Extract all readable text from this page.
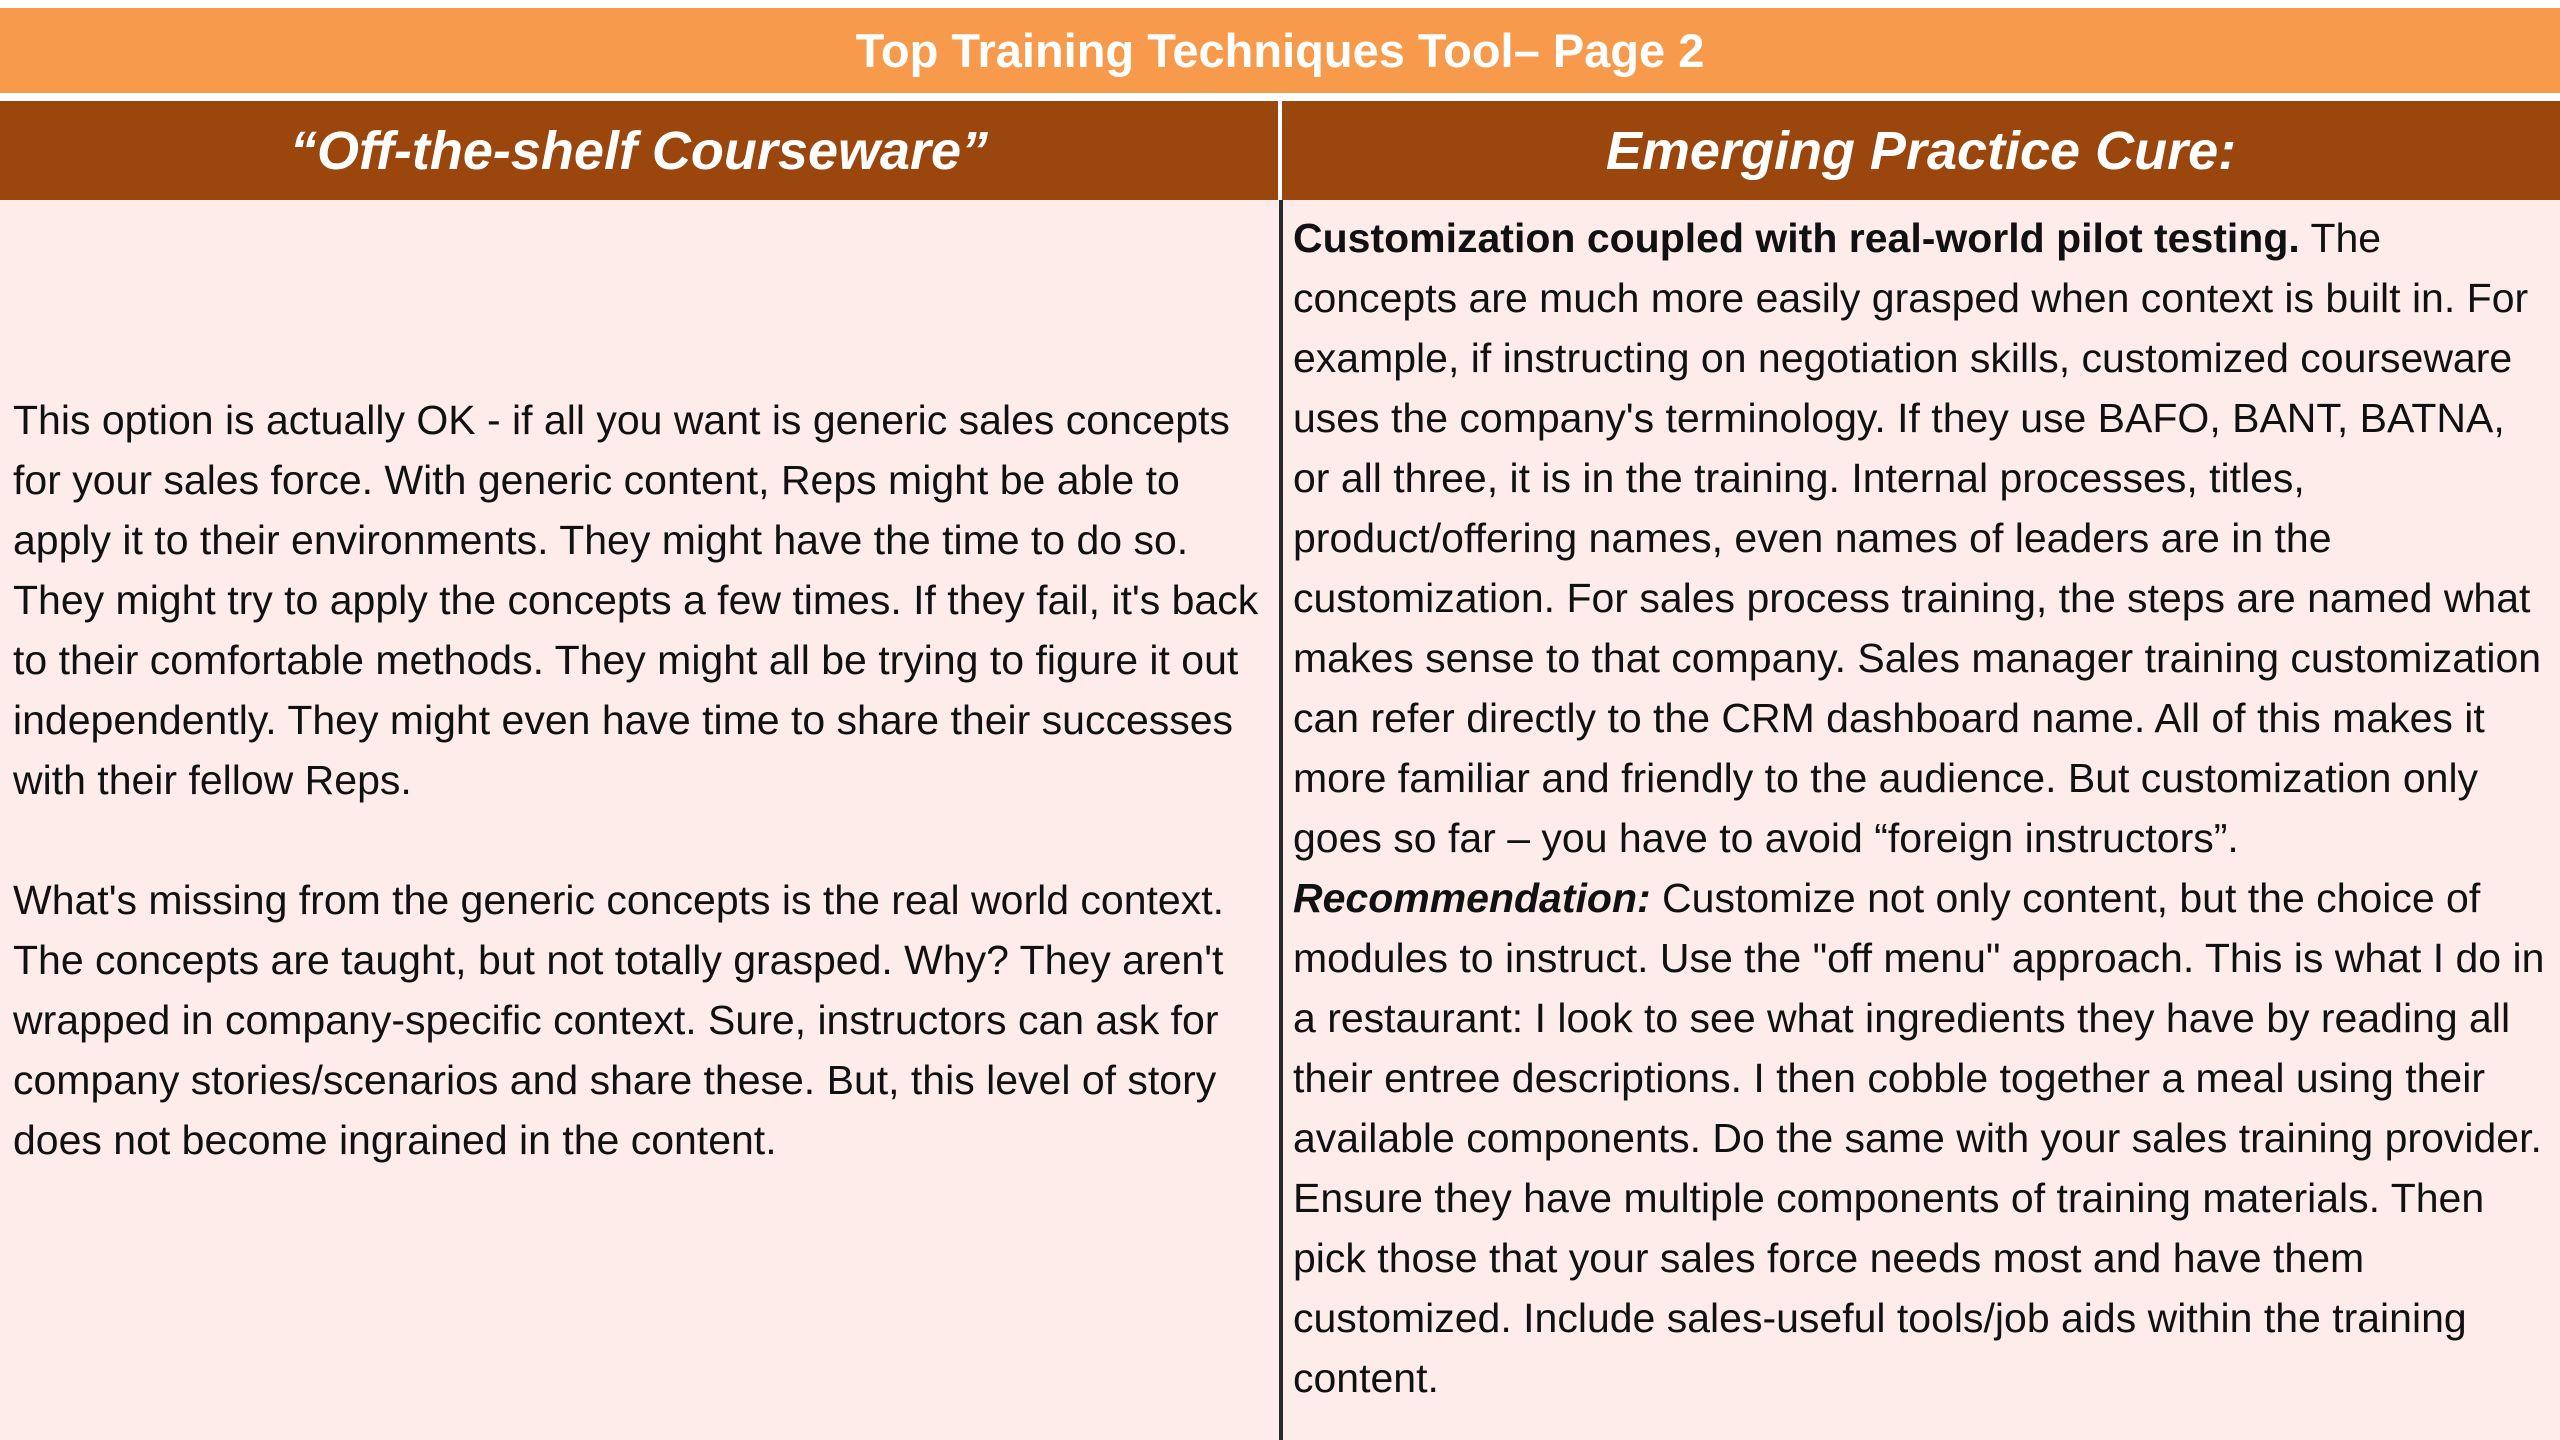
Top Training Techniques Tool– Page 2
“Off-the-shelf Courseware”	Emerging Practice Cure:

This option is actually OK - if all you want is generic sales concepts for your sales force. With generic content, Reps might be able to apply it to their environments. They might have the time to do so. They might try to apply the concepts a few times. If they fail, it's back to their comfortable methods. They might all be trying to figure it out independently. They might even have time to share their successes with their fellow Reps.

What's missing from the generic concepts is the real world context. The concepts are taught, but not totally grasped. Why? They aren't wrapped in company-specific context. Sure, instructors can ask for company stories/scenarios and share these. But, this level of story does not become ingrained in the content.

Customization coupled with real-world pilot testing. The concepts are much more easily grasped when context is built in. For example, if instructing on negotiation skills, customized courseware uses the company's terminology. If they use BAFO, BANT, BATNA, or all three, it is in the training. Internal processes, titles, product/offering names, even names of leaders are in the customization. For sales process training, the steps are named what makes sense to that company. Sales manager training customization can refer directly to the CRM dashboard name. All of this makes it more familiar and friendly to the audience. But customization only goes so far – you have to avoid “foreign instructors”.

Recommendation: Customize not only content, but the choice of modules to instruct. Use the "off menu" approach. This is what I do in a restaurant: I look to see what ingredients they have by reading all their entree descriptions. I then cobble together a meal using their available components. Do the same with your sales training provider. Ensure they have multiple components of training materials. Then pick those that your sales force needs most and have them customized. Include sales-useful tools/job aids within the training content.
